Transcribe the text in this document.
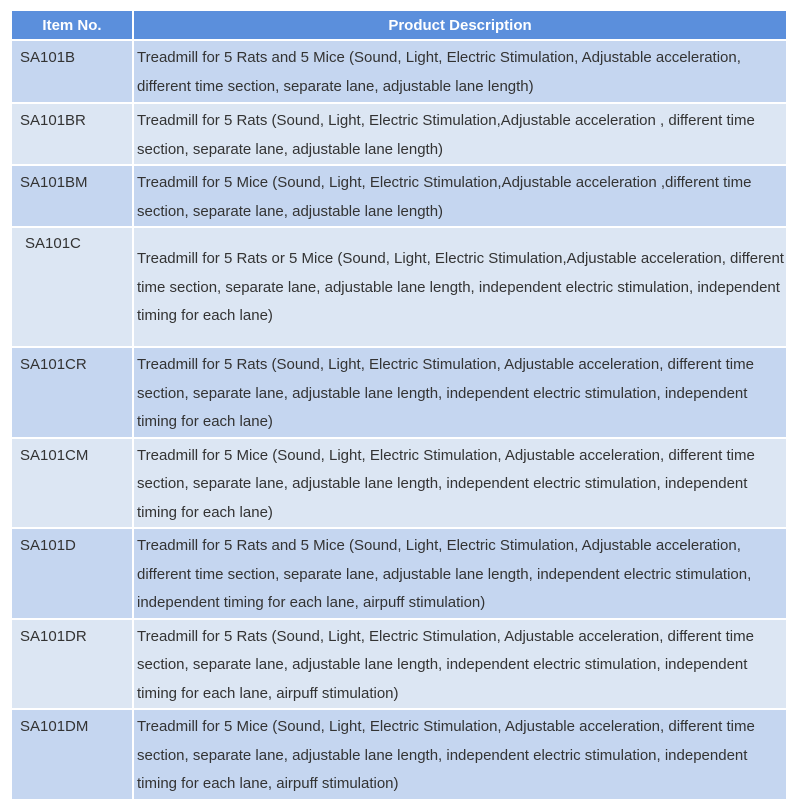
Item No.	Product Description
SA101B	Treadmill for 5 Rats and 5 Mice (Sound, Light, Electric Stimulation, Adjustable acceleration, different time section, separate lane, adjustable lane length)
SA101BR	Treadmill for 5 Rats (Sound, Light, Electric Stimulation,Adjustable acceleration , different time section, separate lane, adjustable lane length)
SA101BM	Treadmill for 5 Mice (Sound, Light, Electric Stimulation,Adjustable acceleration ,different time section, separate lane, adjustable lane length)
SA101C	Treadmill for 5 Rats or 5 Mice (Sound, Light, Electric Stimulation,Adjustable acceleration, different time section, separate lane, adjustable lane length, independent electric stimulation, independent timing for each lane)
SA101CR	Treadmill for 5 Rats (Sound, Light, Electric Stimulation, Adjustable acceleration, different time section, separate lane, adjustable lane length, independent electric stimulation, independent timing for each lane)
SA101CM	Treadmill for 5 Mice (Sound, Light, Electric Stimulation, Adjustable acceleration, different time section, separate lane, adjustable lane length, independent electric stimulation, independent timing for each lane)
SA101D	Treadmill for 5 Rats and 5 Mice (Sound, Light, Electric Stimulation, Adjustable acceleration, different time section, separate lane, adjustable lane length, independent electric stimulation, independent timing for each lane, airpuff stimulation)
SA101DR	Treadmill for 5 Rats (Sound, Light, Electric Stimulation, Adjustable acceleration, different time section, separate lane, adjustable lane length, independent electric stimulation, independent timing for each lane, airpuff stimulation)
SA101DM	Treadmill for 5 Mice (Sound, Light, Electric Stimulation, Adjustable acceleration, different time section, separate lane, adjustable lane length, independent electric stimulation, independent timing for each lane, airpuff stimulation)
